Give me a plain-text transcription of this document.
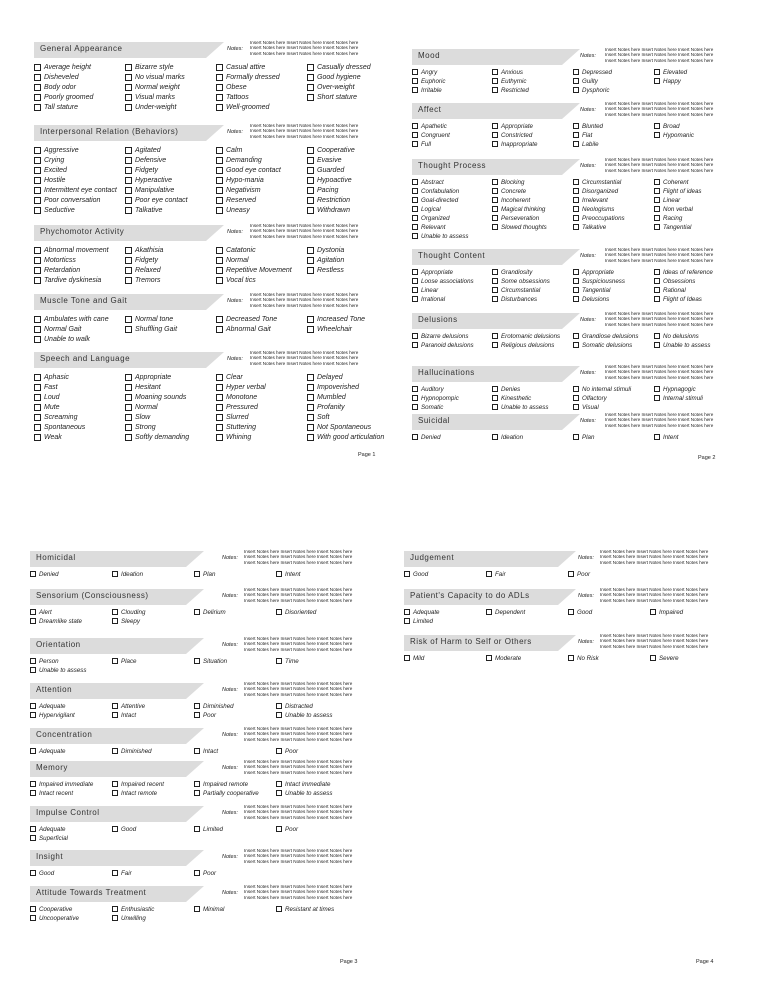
General Appearance	Notes:
Insert Notes here Insert Notes here Insert Notes here
Insert Notes here Insert Notes here Insert Notes here
Insert Notes here Insert Notes here Insert Notes here
Average height	Bizarre style	Casual attire	Casually dressed
Disheveled	No visual marks	Formally dressed	Good hygiene
Body odor	Normal weight	Obese	Over-weight
Poorly groomed	Visual marks	Tattoos	Short stature
Tall stature	Under-weight	Well-groomed
Interpersonal Relation (Behaviors)	Notes:
Insert Notes here Insert Notes here Insert Notes here
Insert Notes here Insert Notes here Insert Notes here
Insert Notes here Insert Notes here Insert Notes here
Aggressive	Agitated	Calm	Cooperative
Crying	Defensive	Demanding	Evasive
Excited	Fidgety	Good eye contact	Guarded
Hostile	Hyperactive	Hypo-mania	Hypoactive
Intermittent eye contact	Manipulative	Negativism	Pacing
Poor conversation	Poor eye contact	Reserved	Restriction
Seductive	Talkative	Uneasy	Withdrawn
Phychomotor Activity	Notes:
Insert Notes here Insert Notes here Insert Notes here
Insert Notes here Insert Notes here Insert Notes here
Insert Notes here Insert Notes here Insert Notes here
Abnormal movement	Akathisia	Catatonic	Dystonia
Motorticss	Fidgety	Normal	Agitation
Retardation	Relaxed	Repetitive Movement	Restless
Tardive dyskinesia	Tremors	Vocal tics
Muscle Tone and Gait	Notes:
Insert Notes here Insert Notes here Insert Notes here
Insert Notes here Insert Notes here Insert Notes here
Insert Notes here Insert Notes here Insert Notes here
Ambulates with cane	Normal tone	Decreased Tone	Increased Tone
Normal Gait	Shuffling Gait	Abnormal Gait	Wheelchair
Unable to walk
Speech and Language	Notes:
Insert Notes here Insert Notes here Insert Notes here
Insert Notes here Insert Notes here Insert Notes here
Insert Notes here Insert Notes here Insert Notes here
Aphasic	Appropriate	Clear	Delayed
Fast	Hesitant	Hyper verbal	Impoverished
Loud	Moaning sounds	Monotone	Mumbled
Mute	Normal	Pressured	Profanity
Screaming	Slow	Slurred	Soft
Spontaneous	Strong	Stuttering	Not Spontaneous
Weak	Softly demanding	Whining	With good articulation
Page 1
Mood	Notes:
Insert Notes here Insert Notes here Insert Notes here
Insert Notes here Insert Notes here Insert Notes here
Insert Notes here Insert Notes here Insert Notes here
Angry	Anxious	Depressed	Elevated
Euphoric	Euthymic	Guilty	Happy
Irritable	Restricted	Dysphoric
Affect	Notes:
Insert Notes here Insert Notes here Insert Notes here
Insert Notes here Insert Notes here Insert Notes here
Insert Notes here Insert Notes here Insert Notes here
Apathetic	Appropriate	Blunted	Broad
Congruent	Constricted	Flat	Hypomanic
Full	Inappropriate	Labile
Thought Process	Notes:
Insert Notes here Insert Notes here Insert Notes here
Insert Notes here Insert Notes here Insert Notes here
Insert Notes here Insert Notes here Insert Notes here
Abstract	Blocking	Circumstantial	Coherent
Confabulation	Concrete	Disorganized	Flight of ideas
Goal-directed	Incoherent	Irrelevant	Linear
Logical	Magical thinking	Neologisms	Non verbal
Organized	Perseveration	Preoccupations	Racing
Relevant	Slowed thoughts	Talkative	Tangential
Unable to assess
Thought Content	Notes:
Insert Notes here Insert Notes here Insert Notes here
Insert Notes here Insert Notes here Insert Notes here
Insert Notes here Insert Notes here Insert Notes here
Appropriate	Grandiosity	Appropriate	Ideas of reference
Loose associations	Some obsessions	Suspiciousness	Obsessions
Linear	Circumstantial	Tangential	Rational
Irrational	Disturbances	Delusions	Flight of Ideas
Delusions	Notes:
Insert Notes here Insert Notes here Insert Notes here
Insert Notes here Insert Notes here Insert Notes here
Insert Notes here Insert Notes here Insert Notes here
Bizarre delusions	Erotomanic delusions	Grandiose delusions	No delusions
Paranoid delusions	Religious delusions	Somatic delusions	Unable to assess
Hallucinations	Notes:
Insert Notes here Insert Notes here Insert Notes here
Insert Notes here Insert Notes here Insert Notes here
Insert Notes here Insert Notes here Insert Notes here
Auditory	Denies	No internal stimuli	Hypnagogic
Hypnopompic	Kinesthetic	Olfactory	Internal stimuli
Somatic	Unable to assess	Visual
Suicidal	Notes:
Insert Notes here Insert Notes here Insert Notes here
Insert Notes here Insert Notes here Insert Notes here
Insert Notes here Insert Notes here Insert Notes here
Denied	Ideation	Plan	Intent
Page 2
Homicidal	Notes:
Insert Notes here Insert Notes here Insert Notes here
Insert Notes here Insert Notes here Insert Notes here
Insert Notes here Insert Notes here Insert Notes here
Denied	Ideation	Plan	Intent
Sensorium (Consciousness)	Notes:
Insert Notes here Insert Notes here Insert Notes here
Insert Notes here Insert Notes here Insert Notes here
Insert Notes here Insert Notes here Insert Notes here
Alert	Clouding	Delirium	Disoriented
Dreamlike state	Sleepy
Orientation	Notes:
Insert Notes here Insert Notes here Insert Notes here
Insert Notes here Insert Notes here Insert Notes here
Insert Notes here Insert Notes here Insert Notes here
Person	Place	Situation	Time
Unable to assess
Attention	Notes:
Insert Notes here Insert Notes here Insert Notes here
Insert Notes here Insert Notes here Insert Notes here
Insert Notes here Insert Notes here Insert Notes here
Adequate	Attentive	Diminished	Distracted
Hypervigilant	Intact	Poor	Unable to assess
Concentration	Notes:
Insert Notes here Insert Notes here Insert Notes here
Insert Notes here Insert Notes here Insert Notes here
Insert Notes here Insert Notes here Insert Notes here
Adequate	Diminished	Intact	Poor
Memory	Notes:
Insert Notes here Insert Notes here Insert Notes here
Insert Notes here Insert Notes here Insert Notes here
Insert Notes here Insert Notes here Insert Notes here
Impaired immediate	Impaired recent	Impaired remote	Intact immediate
Intact recent	Intact remote	Partially cooperative	Unable to assess
Impulse Control	Notes:
Insert Notes here Insert Notes here Insert Notes here
Insert Notes here Insert Notes here Insert Notes here
Insert Notes here Insert Notes here Insert Notes here
Adequate	Good	Limited	Poor
Superficial
Insight	Notes:
Insert Notes here Insert Notes here Insert Notes here
Insert Notes here Insert Notes here Insert Notes here
Insert Notes here Insert Notes here Insert Notes here
Good	Fair	Poor
Attitude Towards Treatment	Notes:
Insert Notes here Insert Notes here Insert Notes here
Insert Notes here Insert Notes here Insert Notes here
Insert Notes here Insert Notes here Insert Notes here
Cooperative	Enthusiastic	Minimal	Resistant at times
Uncooperative	Unwilling
Page 3
Judgement	Notes:
Insert Notes here Insert Notes here Insert Notes here
Insert Notes here Insert Notes here Insert Notes here
Insert Notes here Insert Notes here Insert Notes here
Good	Fair	Poor
Patient's Capacity to do ADLs	Notes:
Insert Notes here Insert Notes here Insert Notes here
Insert Notes here Insert Notes here Insert Notes here
Insert Notes here Insert Notes here Insert Notes here
Adequate	Dependent	Good	Impaired
Limited
Risk of Harm to Self or Others	Notes:
Insert Notes here Insert Notes here Insert Notes here
Insert Notes here Insert Notes here Insert Notes here
Insert Notes here Insert Notes here Insert Notes here
Mild	Moderate	No Risk	Severe
Page 4
